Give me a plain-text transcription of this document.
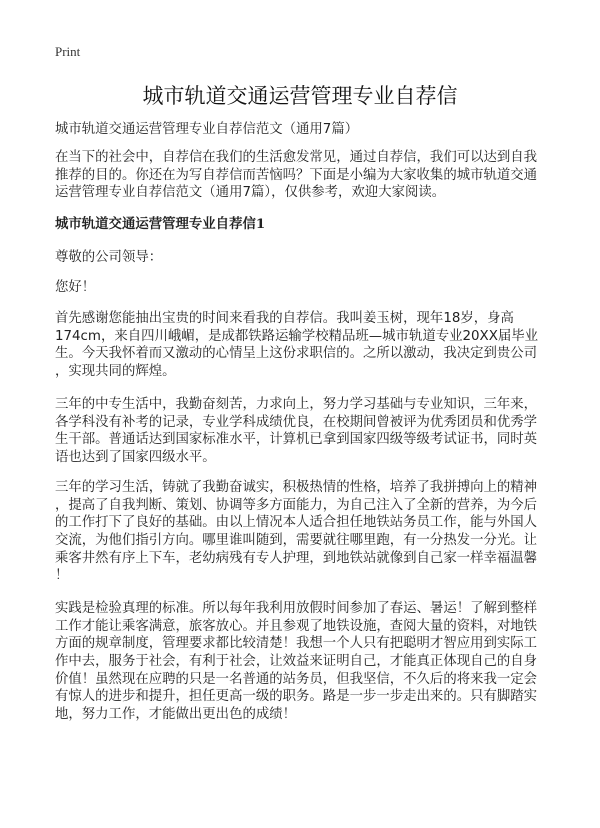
Print
城市轨道交通运营管理专业自荐信
城市轨道交通运营管理专业自荐信范文（通用7篇）
在当下的社会中，自荐信在我们的生活愈发常见，通过自荐信，我们可以达到自我
推荐的目的。你还在为写自荐信而苦恼吗？下面是小编为大家收集的城市轨道交通
运营管理专业自荐信范文（通用7篇），仅供参考，欢迎大家阅读。
城市轨道交通运营管理专业自荐信1
尊敬的公司领导：
您好！
首先感谢您能抽出宝贵的时间来看我的自荐信。我叫姜玉树，现年18岁，身高
174cm，来自四川峨嵋，是成都铁路运输学校精品班—城市轨道专业20XX届毕业
生。今天我怀着而又激动的心情呈上这份求职信的。之所以激动，我决定到贵公司
，实现共同的辉煌。
三年的中专生活中，我勤奋刻苦，力求向上，努力学习基础与专业知识，三年来，
各学科没有补考的记录，专业学科成绩优良，在校期间曾被评为优秀团员和优秀学
生干部。普通话达到国家标准水平，计算机已拿到国家四级等级考试证书，同时英
语也达到了国家四级水平。
三年的学习生活，铸就了我勤奋诚实，积极热情的性格，培养了我拼搏向上的精神
，提高了自我判断、策划、协调等多方面能力，为自己注入了全新的营养，为今后
的工作打下了良好的基础。由以上情况本人适合担任地铁站务员工作，能与外国人
交流，为他们指引方向。哪里谁叫随到，需要就往哪里跑，有一分热发一分光。让
乘客井然有序上下车，老幼病残有专人护理，到地铁站就像到自己家一样幸福温馨
！
实践是检验真理的标准。所以每年我利用放假时间参加了春运、暑运！了解到整样
工作才能让乘客满意，旅客放心。并且参观了地铁设施，查阅大量的资料，对地铁
方面的规章制度，管理要求都比较清楚！我想一个人只有把聪明才智应用到实际工
作中去，服务于社会，有利于社会，让效益来证明自己，才能真正体现自己的自身
价值！虽然现在应聘的只是一名普通的站务员，但我坚信，不久后的将来我一定会
有惊人的进步和提升，担任更高一级的职务。路是一步一步走出来的。只有脚踏实
地，努力工作，才能做出更出色的成绩！
